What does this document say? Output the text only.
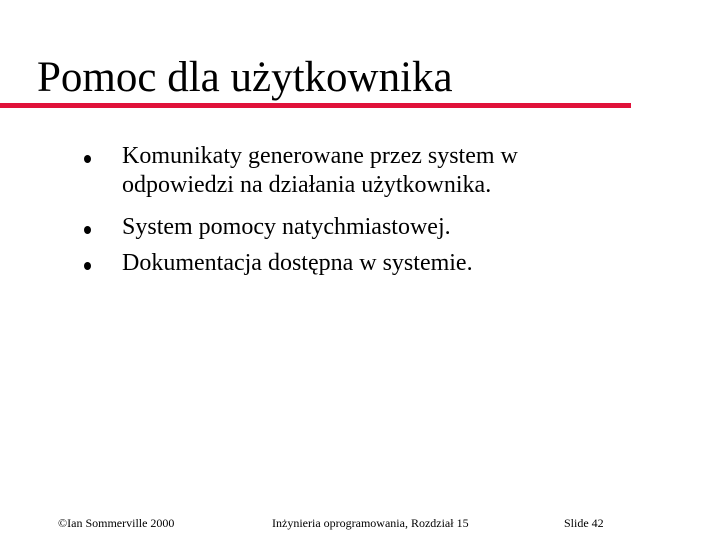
Pomoc dla użytkownika
Komunikaty generowane przez system w odpowiedzi na działania użytkownika.
System pomocy natychmiastowej.
Dokumentacja dostępna w systemie.
©Ian Sommerville 2000	Inżynieria oprogramowania, Rozdział 15	Slide 42
